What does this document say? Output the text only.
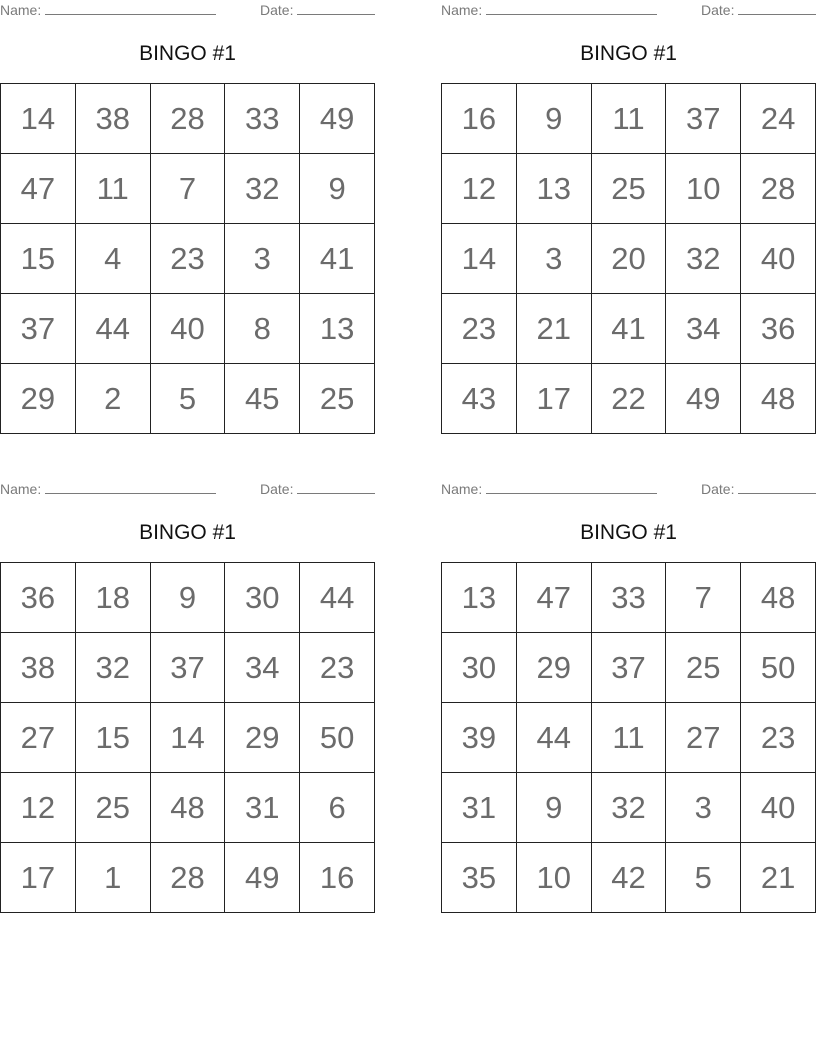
Name:	Date:
BINGO #1
14	38	28	33	49
47	11	7	32	9
15	4	23	3	41
37	44	40	8	13
29	2	5	45	25
Name:	Date:
BINGO #1
16	9	11	37	24
12	13	25	10	28
14	3	20	32	40
23	21	41	34	36
43	17	22	49	48
Name:	Date:
BINGO #1
36	18	9	30	44
38	32	37	34	23
27	15	14	29	50
12	25	48	31	6
17	1	28	49	16
Name:	Date:
BINGO #1
13	47	33	7	48
30	29	37	25	50
39	44	11	27	23
31	9	32	3	40
35	10	42	5	21
